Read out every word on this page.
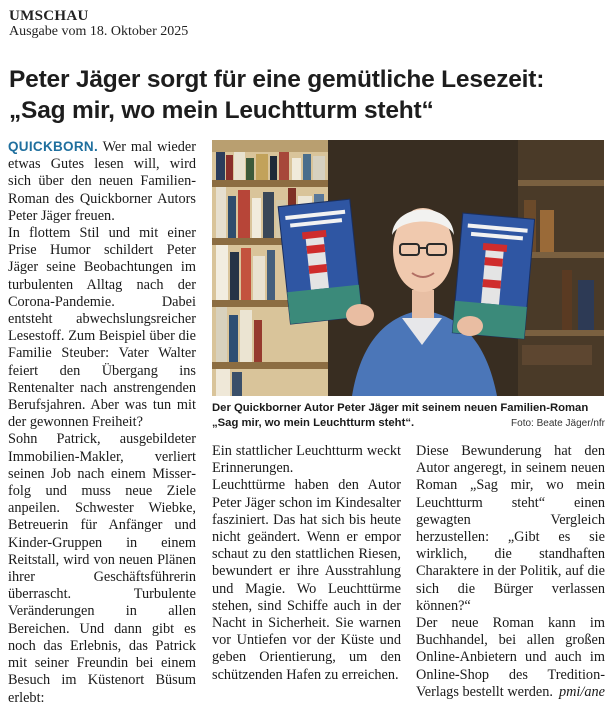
UMSCHAU
Ausgabe vom 18. Oktober 2025
Peter Jäger sorgt für eine gemütliche Lesezeit:
„Sag mir, wo mein Leuchtturm steht“

QUICKBORN. Wer mal wieder etwas Gutes lesen will, wird sich über den neuen Familien-Roman des Quickborner Autors Peter Jäger freuen.

In flottem Stil und mit einer Prise Humor schildert Peter Jäger seine Beobachtungen im turbulenten Alltag nach der Corona-Pandemie. Dabei entsteht abwechslungsreicher Lesestoff. Zum Beispiel über die Familie Steuber: Vater Walter feiert den Übergang ins Rentenalter nach anstrengenden Berufsjahren. Aber was tun mit der gewonnen Freiheit?

Sohn Patrick, ausgebildeter Immobilien-Makler, verliert seinen Job nach einem Misserfolg und muss neue Ziele anpeilen. Schwester Wiebke, Betreuerin für Anfänger und Kinder-Gruppen in einem Reitstall, wird von neuen Plänen ihrer Geschäftsführerin überrascht. Turbulente Veränderungen in allen Bereichen. Und dann gibt es noch das Erlebnis, das Patrick mit seiner Freundin bei einem Besuch im Küstenort Büsum erlebt:

Der Quickborner Autor Peter Jäger mit seinem neuen Familien-Roman
„Sag mir, wo mein Leuchtturm steht“.	Foto: Beate Jäger/nfr

Ein stattlicher Leuchtturm weckt Erinnerungen.

Leuchttürme haben den Autor Peter Jäger schon im Kindesalter fasziniert. Das hat sich bis heute nicht geändert. Wenn er empor schaut zu den stattlichen Riesen, bewundert er ihre Ausstrahlung und Magie. Wo Leuchttürme stehen, sind Schiffe auch in der Nacht in Sicherheit. Sie warnen vor Untiefen vor der Küste und geben Orientierung, um den schützenden Hafen zu erreichen.

Diese Bewunderung hat den Autor angeregt, in seinem neuen Roman „Sag mir, wo mein Leuchtturm steht“ einen gewagten Vergleich herzustellen: „Gibt es sie wirklich, die standhaften Charaktere in der Politik, auf die sich die Bürger verlassen können?“

Der neue Roman kann im Buchhandel, bei allen großen Online-Anbietern und auch im Online-Shop des Tredition-Verlags bestellt werden. pmi/ane
